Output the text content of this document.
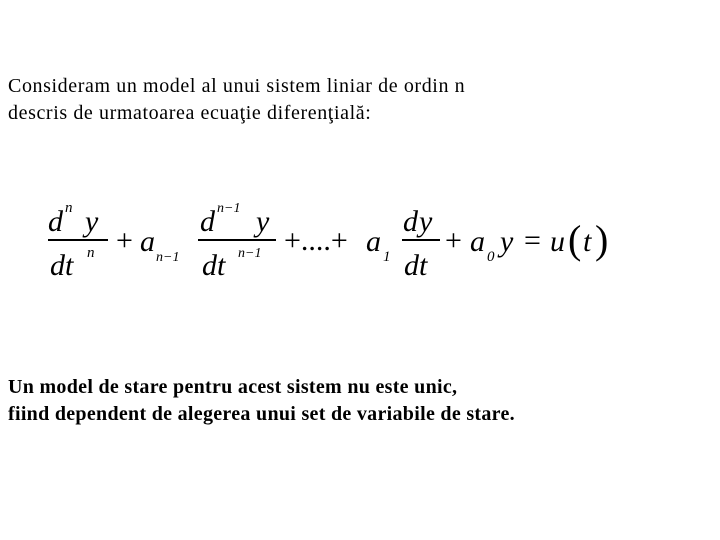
Consideram un model al unui sistem liniar de ordin n
descris de urmatoarea ecuaţie diferenţială:

d n y
dt n + a n−1
d n−1 y
dt n−1 +....+ a 1
d y
dt
+ a 0 y = u ( t )

Un model de stare pentru acest sistem nu este unic,
fiind dependent de alegerea unui set de variabile de stare.
